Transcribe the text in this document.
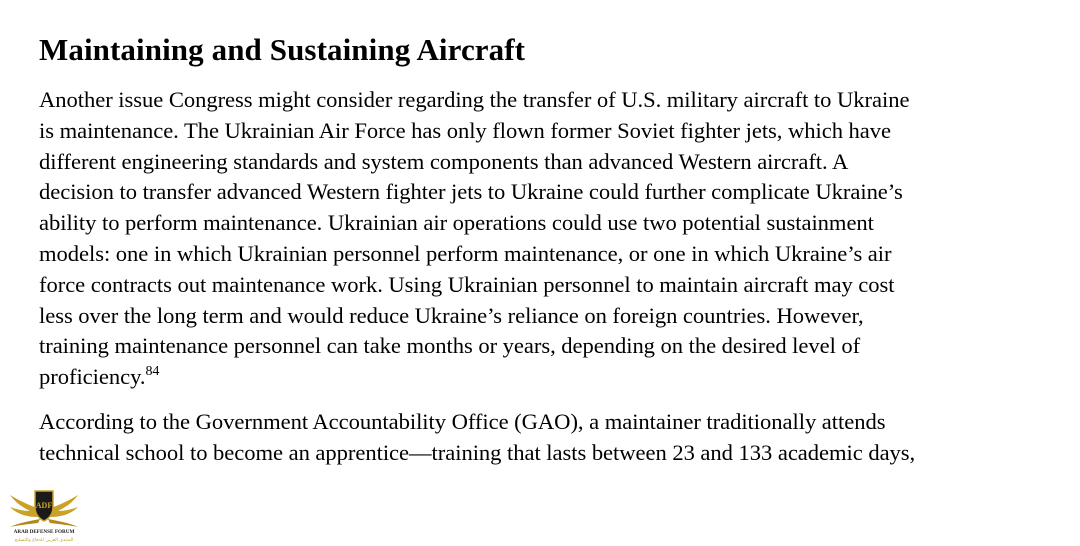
Maintaining and Sustaining Aircraft

Another issue Congress might consider regarding the transfer of U.S. military aircraft to Ukraine
is maintenance. The Ukrainian Air Force has only flown former Soviet fighter jets, which have
different engineering standards and system components than advanced Western aircraft. A
decision to transfer advanced Western fighter jets to Ukraine could further complicate Ukraine’s
ability to perform maintenance. Ukrainian air operations could use two potential sustainment
models: one in which Ukrainian personnel perform maintenance, or one in which Ukraine’s air
force contracts out maintenance work. Using Ukrainian personnel to maintain aircraft may cost
less over the long term and would reduce Ukraine’s reliance on foreign countries. However,
training maintenance personnel can take months or years, depending on the desired level of
proficiency.$^{84}$

According to the Government Accountability Office (GAO), a maintainer traditionally attends
technical school to become an apprentice—training that lasts between 23 and 133 academic days,

ADF
ARAB DEFENSE FORUM
المنتدى العربي للدفاع والتسليح
